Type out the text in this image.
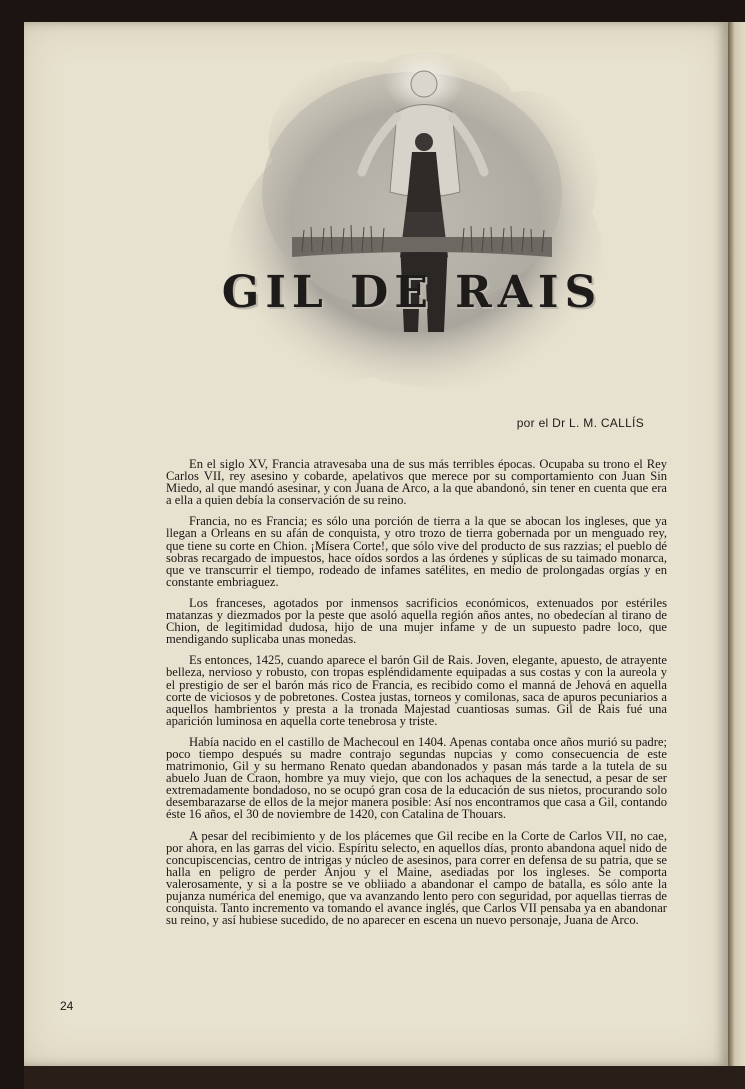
GIL DE RAIS
por el Dr L. M. CALLÍS

En el siglo XV, Francia atravesaba una de sus más terribles épocas. Ocupaba su trono el Rey Carlos VII, rey asesino y cobarde, apelativos que merece por su comportamiento con Juan Sin Miedo, al que mandó asesinar, y con Juana de Arco, a la que abandonó, sin tener en cuenta que era a ella a quien debía la conservación de su reino.

Francia, no es Francia; es sólo una porción de tierra a la que se abocan los ingleses, que ya llegan a Orleans en su afán de conquista, y otro trozo de tierra gobernada por un menguado rey, que tiene su corte en Chion. ¡Mísera Corte!, que sólo vive del producto de sus razzias; el pueblo dé sobras recargado de impuestos, hace oídos sordos a las órdenes y súplicas de su taimado monarca, que ve transcurrir el tiempo, rodeado de infames satélites, en medio de prolongadas orgías y en constante embriaguez.

Los franceses, agotados por inmensos sacrificios económicos, extenuados por estériles matanzas y diezmados por la peste que asoló aquella región años antes, no obedecían al tirano de Chion, de legitimidad dudosa, hijo de una mujer infame y de un supuesto padre loco, que mendigando suplicaba unas monedas.

Es entonces, 1425, cuando aparece el barón Gil de Rais. Joven, elegante, apuesto, de atrayente belleza, nervioso y robusto, con tropas espléndidamente equipadas a sus costas y con la aureola y el prestigio de ser el barón más rico de Francia, es recibido como el manná de Jehová en aquella corte de viciosos y de pobretones. Costea justas, torneos y comilonas, saca de apuros pecuniarios a aquellos hambrientos y presta a la tronada Majestad cuantiosas sumas. Gil de Rais fué una aparición luminosa en aquella corte tenebrosa y triste.

Había nacido en el castillo de Machecoul en 1404. Apenas contaba once años murió su padre; poco tiempo después su madre contrajo segundas nupcias y como consecuencia de este matrimonio, Gil y su hermano Renato quedan abandonados y pasan más tarde a la tutela de su abuelo Juan de Craon, hombre ya muy viejo, que con los achaques de la senectud, a pesar de ser extremadamente bondadoso, no se ocupó gran cosa de la educación de sus nietos, procurando solo desembarazarse de ellos de la mejor manera posible: Así nos encontramos que casa a Gil, contando éste 16 años, el 30 de noviembre de 1420, con Catalina de Thouars.

A pesar del recibimiento y de los plácemes que Gil recibe en la Corte de Carlos VII, no cae, por ahora, en las garras del vicio. Espíritu selecto, en aquellos días, pronto abandona aquel nido de concupiscencias, centro de intrigas y núcleo de asesinos, para correr en defensa de su patria, que se halla en peligro de perder Anjou y el Maine, asediadas por los ingleses. Se comporta valerosamente, y si a la postre se ve obliiado a abandonar el campo de batalla, es sólo ante la pujanza numérica del enemigo, que va avanzando lento pero con seguridad, por aquellas tierras de conquista. Tanto incremento va tomando el avance inglés, que Carlos VII pensaba ya en abandonar su reino, y así hubiese sucedido, de no aparecer en escena un nuevo personaje, Juana de Arco.

24
